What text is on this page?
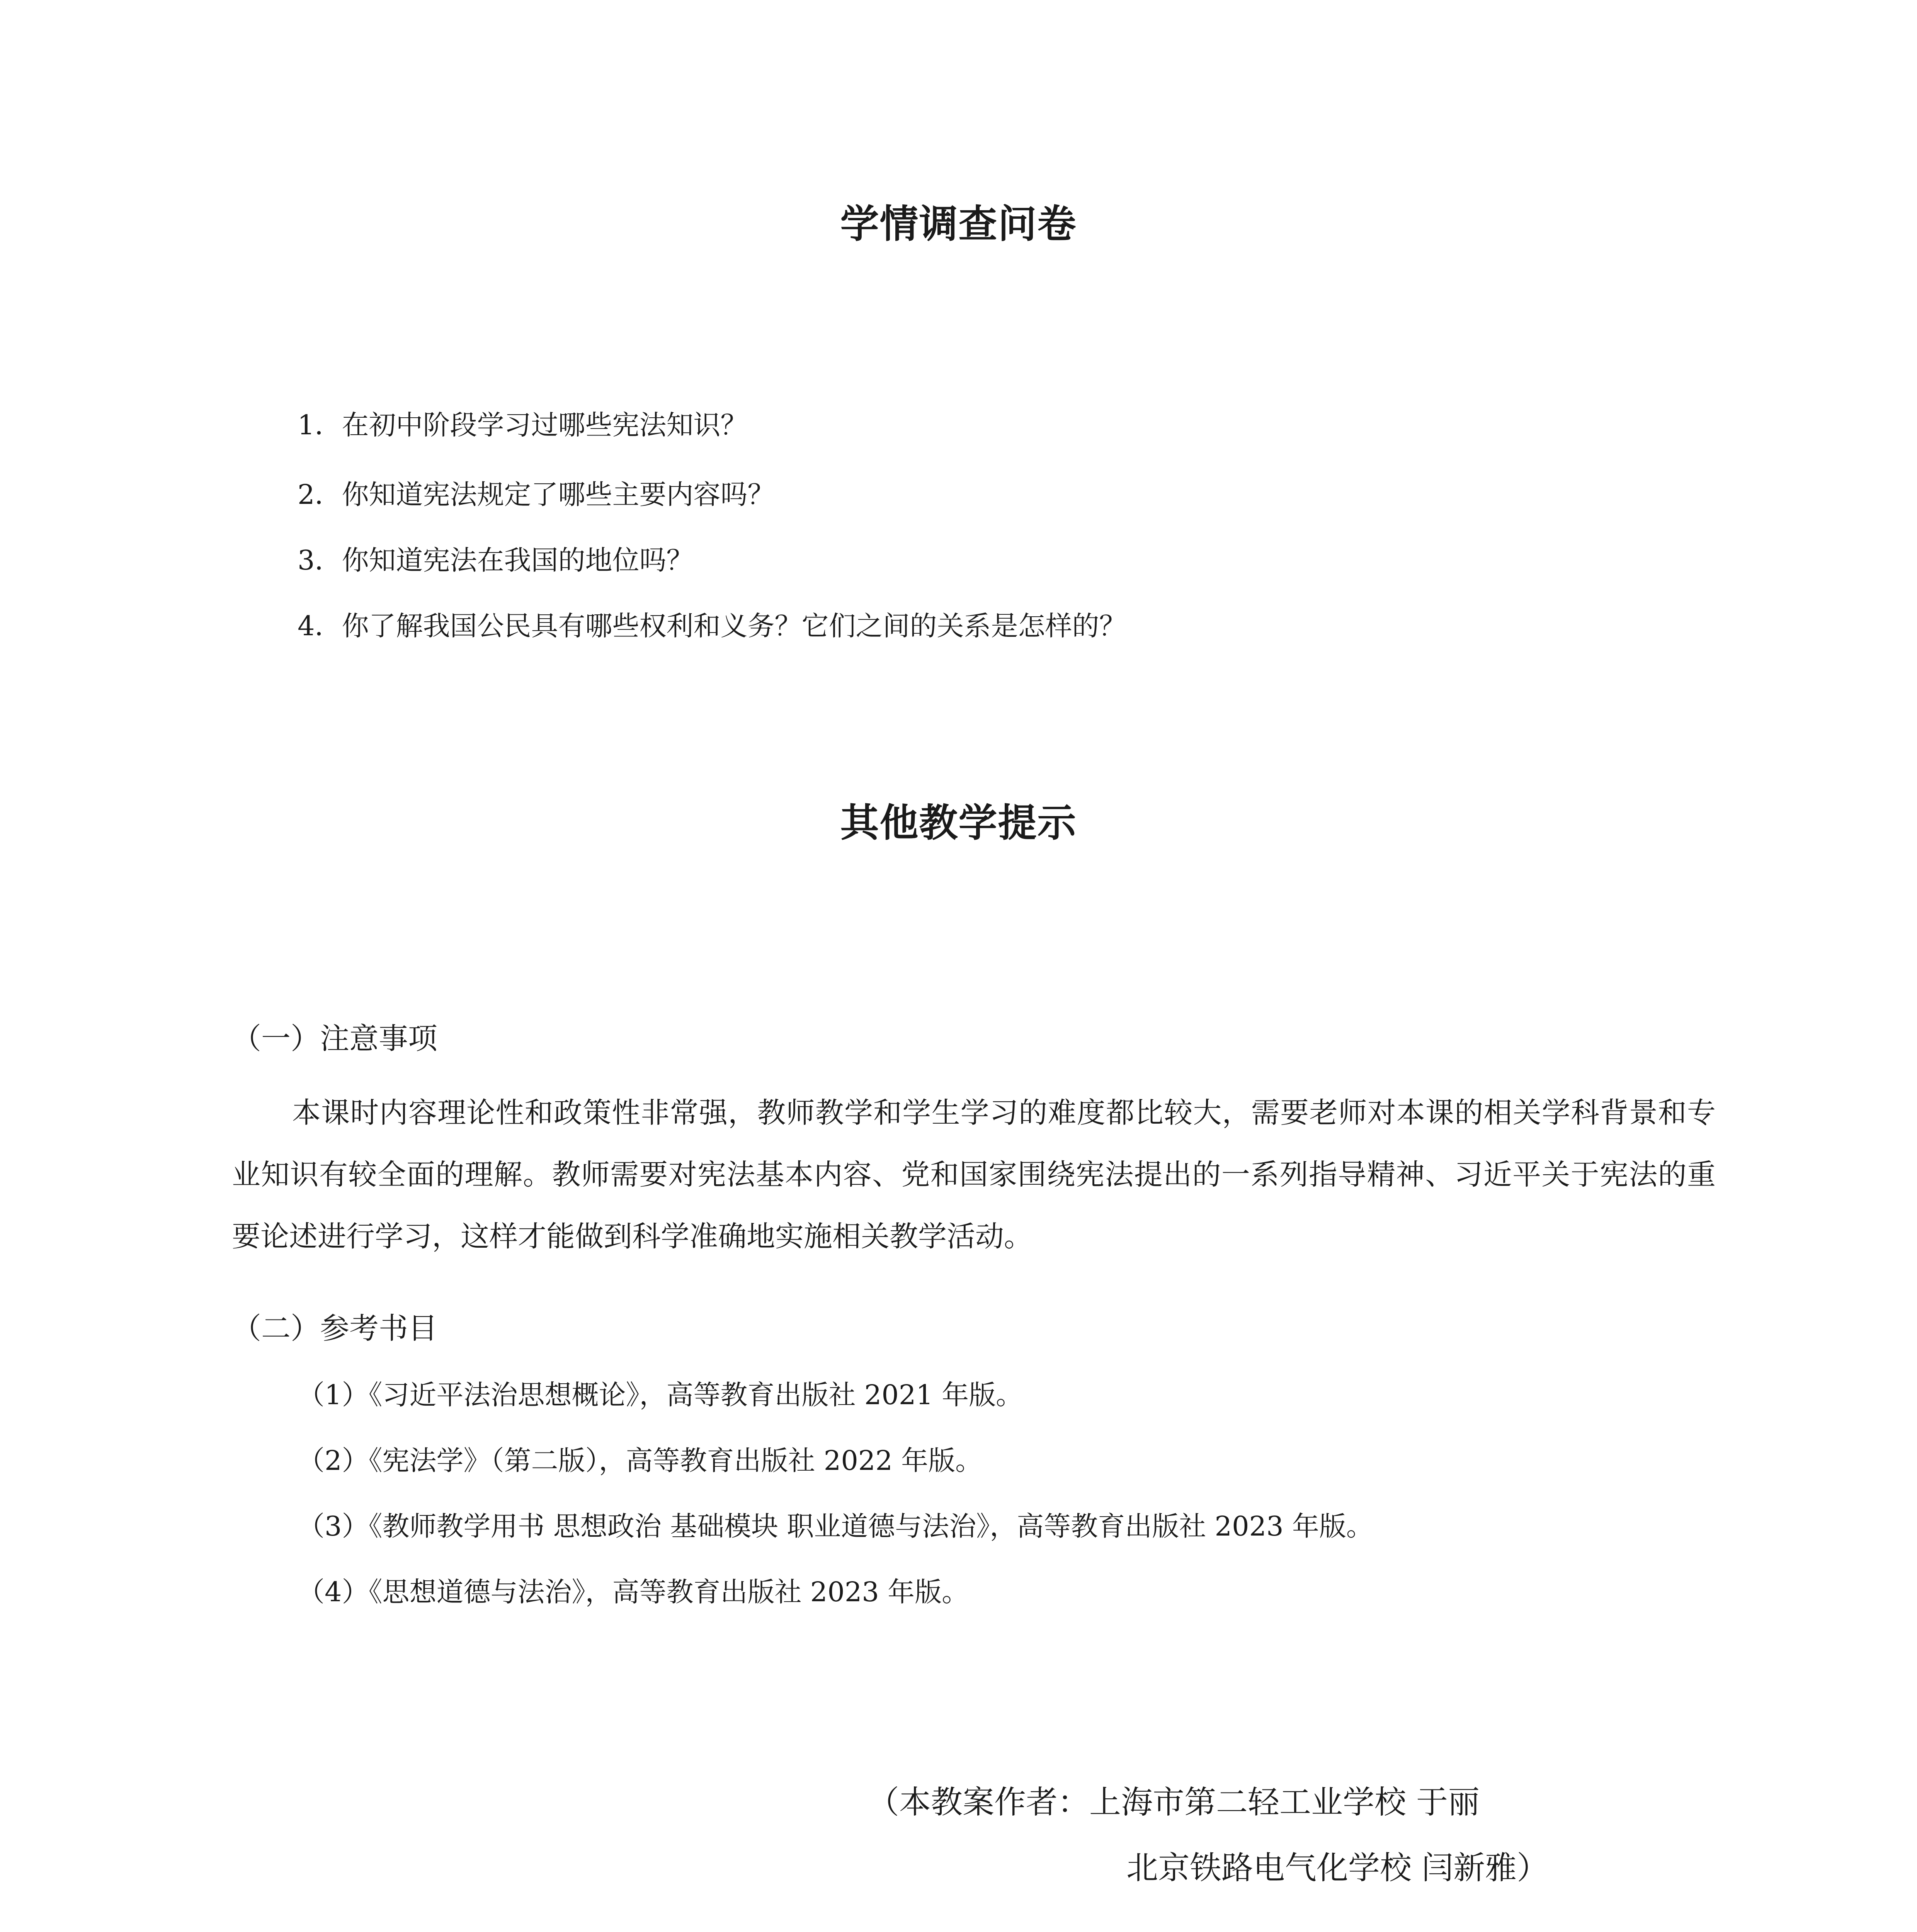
学情调查问卷
1．在初中阶段学习过哪些宪法知识？
2．你知道宪法规定了哪些主要内容吗？
3．你知道宪法在我国的地位吗？
4．你了解我国公民具有哪些权利和义务？它们之间的关系是怎样的？
其他教学提示
（一）注意事项
本课时内容理论性和政策性非常强，教师教学和学生学习的难度都比较大，需要老师对本课的相关学科背景和专业知识有较全面的理解。教师需要对宪法基本内容、党和国家围绕宪法提出的一系列指导精神、习近平关于宪法的重要论述进行学习，这样才能做到科学准确地实施相关教学活动。
（二）参考书目
（1）《习近平法治思想概论》，高等教育出版社 2021 年版。
（2）《宪法学》（第二版），高等教育出版社 2022 年版。
（3）《教师教学用书 思想政治 基础模块 职业道德与法治》，高等教育出版社 2023 年版。
（4）《思想道德与法治》，高等教育出版社 2023 年版。
（本教案作者：上海市第二轻工业学校 于丽
北京铁路电气化学校 闫新雅）
